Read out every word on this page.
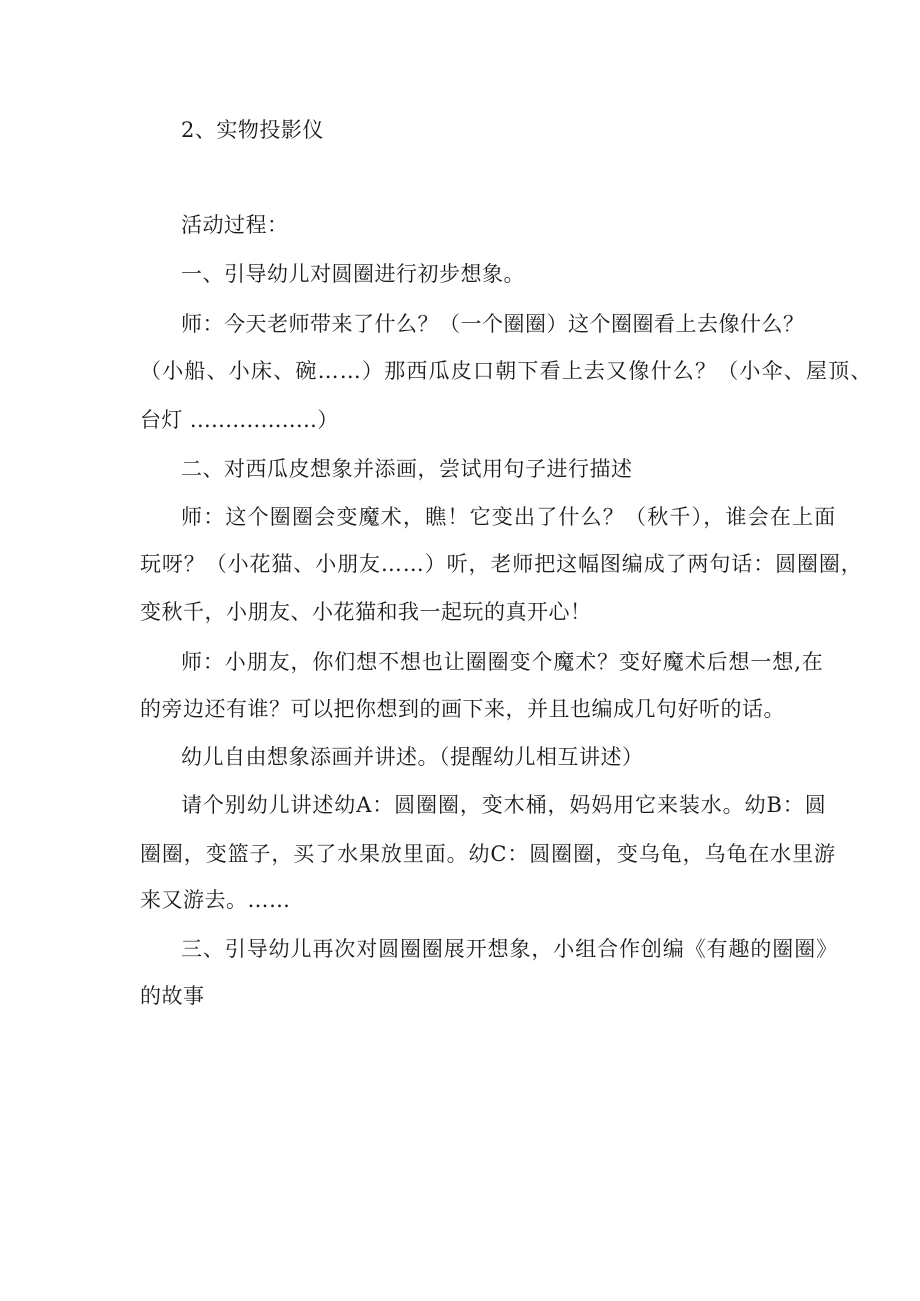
2、实物投影仪
活动过程：
一、引导幼儿对圆圈进行初步想象。
师：今天老师带来了什么？（一个圈圈）这个圈圈看上去像什么？
（小船、小床、碗……）那西瓜皮口朝下看上去又像什么？（小伞、屋顶、
台灯 ..................）
二、对西瓜皮想象并添画，尝试用句子进行描述
师：这个圈圈会变魔术，瞧！它变出了什么？（秋千），谁会在上面
玩呀？（小花猫、小朋友……）听，老师把这幅图编成了两句话：圆圈圈，
变秋千，小朋友、小花猫和我一起玩的真开心！
师：小朋友，你们想不想也让圈圈变个魔术？变好魔术后想一想,在
的旁边还有谁？可以把你想到的画下来，并且也编成几句好听的话。
幼儿自由想象添画并讲述。（提醒幼儿相互讲述）
请个别幼儿讲述幼A：圆圈圈，变木桶，妈妈用它来装水。幼B：圆
圈圈，变篮子，买了水果放里面。幼C：圆圈圈，变乌龟，乌龟在水里游
来又游去。……
三、引导幼儿再次对圆圈圈展开想象，小组合作创编《有趣的圈圈》
的故事
